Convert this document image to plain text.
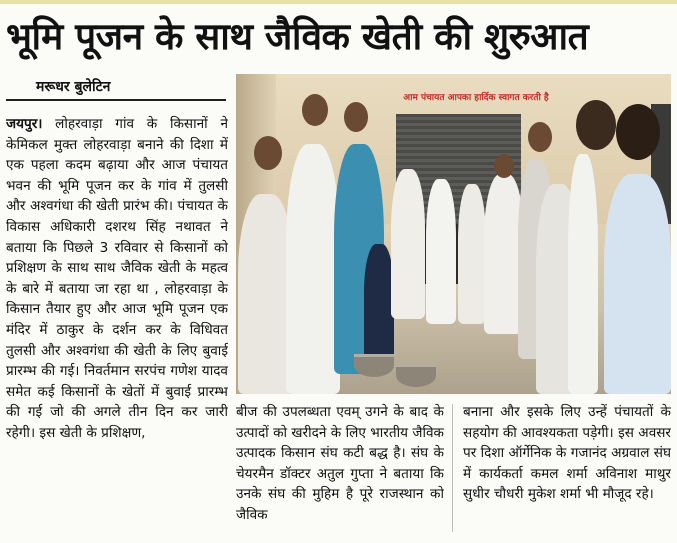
भूमि पूजन के साथ जैविक खेती की शुरुआत
मरूधर बुलेटिन
जयपुर। लोहरवाड़ा गांव के किसानों ने केमिकल मुक्त लोहरवाड़ा बनाने की दिशा में एक पहला कदम बढ़ाया और आज पंचायत भवन की भूमि पूजन कर के गांव में तुलसी और अश्वगंधा की खेती प्रारंभ की। पंचायत के विकास अधिकारी दशरथ सिंह नथावत ने बताया कि पिछले 3 रविवार से किसानों को प्रशिक्षण के साथ साथ जैविक खेती के महत्व के बारे में बताया जा रहा था , लोहरवाड़ा के किसान तैयार हुए और आज भूमि पूजन एक मंदिर में ठाकुर के दर्शन कर के विधिवत तुलसी और अश्वगंधा की खेती के लिए बुवाई प्रारम्भ की गई। निवर्तमान सरपंच गणेश यादव समेत कई किसानों के खेतों में बुवाई प्रारम्भ की गई जो की अगले तीन दिन कर जारी रहेगी। इस खेती के प्रशिक्षण,
आम पंचायत आपका हार्दिक स्वागत करती है
बीज की उपलब्धता एवम् उगने के बाद के उत्पादों को खरीदने के लिए भारतीय जैविक उत्पादक किसान संघ कटी बद्ध है। संघ के चेयरमैन डॉक्टर अतुल गुप्ता ने बताया कि उनके संघ की मुहिम है पूरे राजस्थान को जैविक
बनाना और इसके लिए उन्हें पंचायतों के सहयोग की आवश्यकता पड़ेगी। इस अवसर पर दिशा ऑर्गेनिक के गजानंद अग्रवाल संघ में कार्यकर्ता कमल शर्मा अविनाश माथुर सुधीर चौधरी मुकेश शर्मा भी मौजूद रहे।
